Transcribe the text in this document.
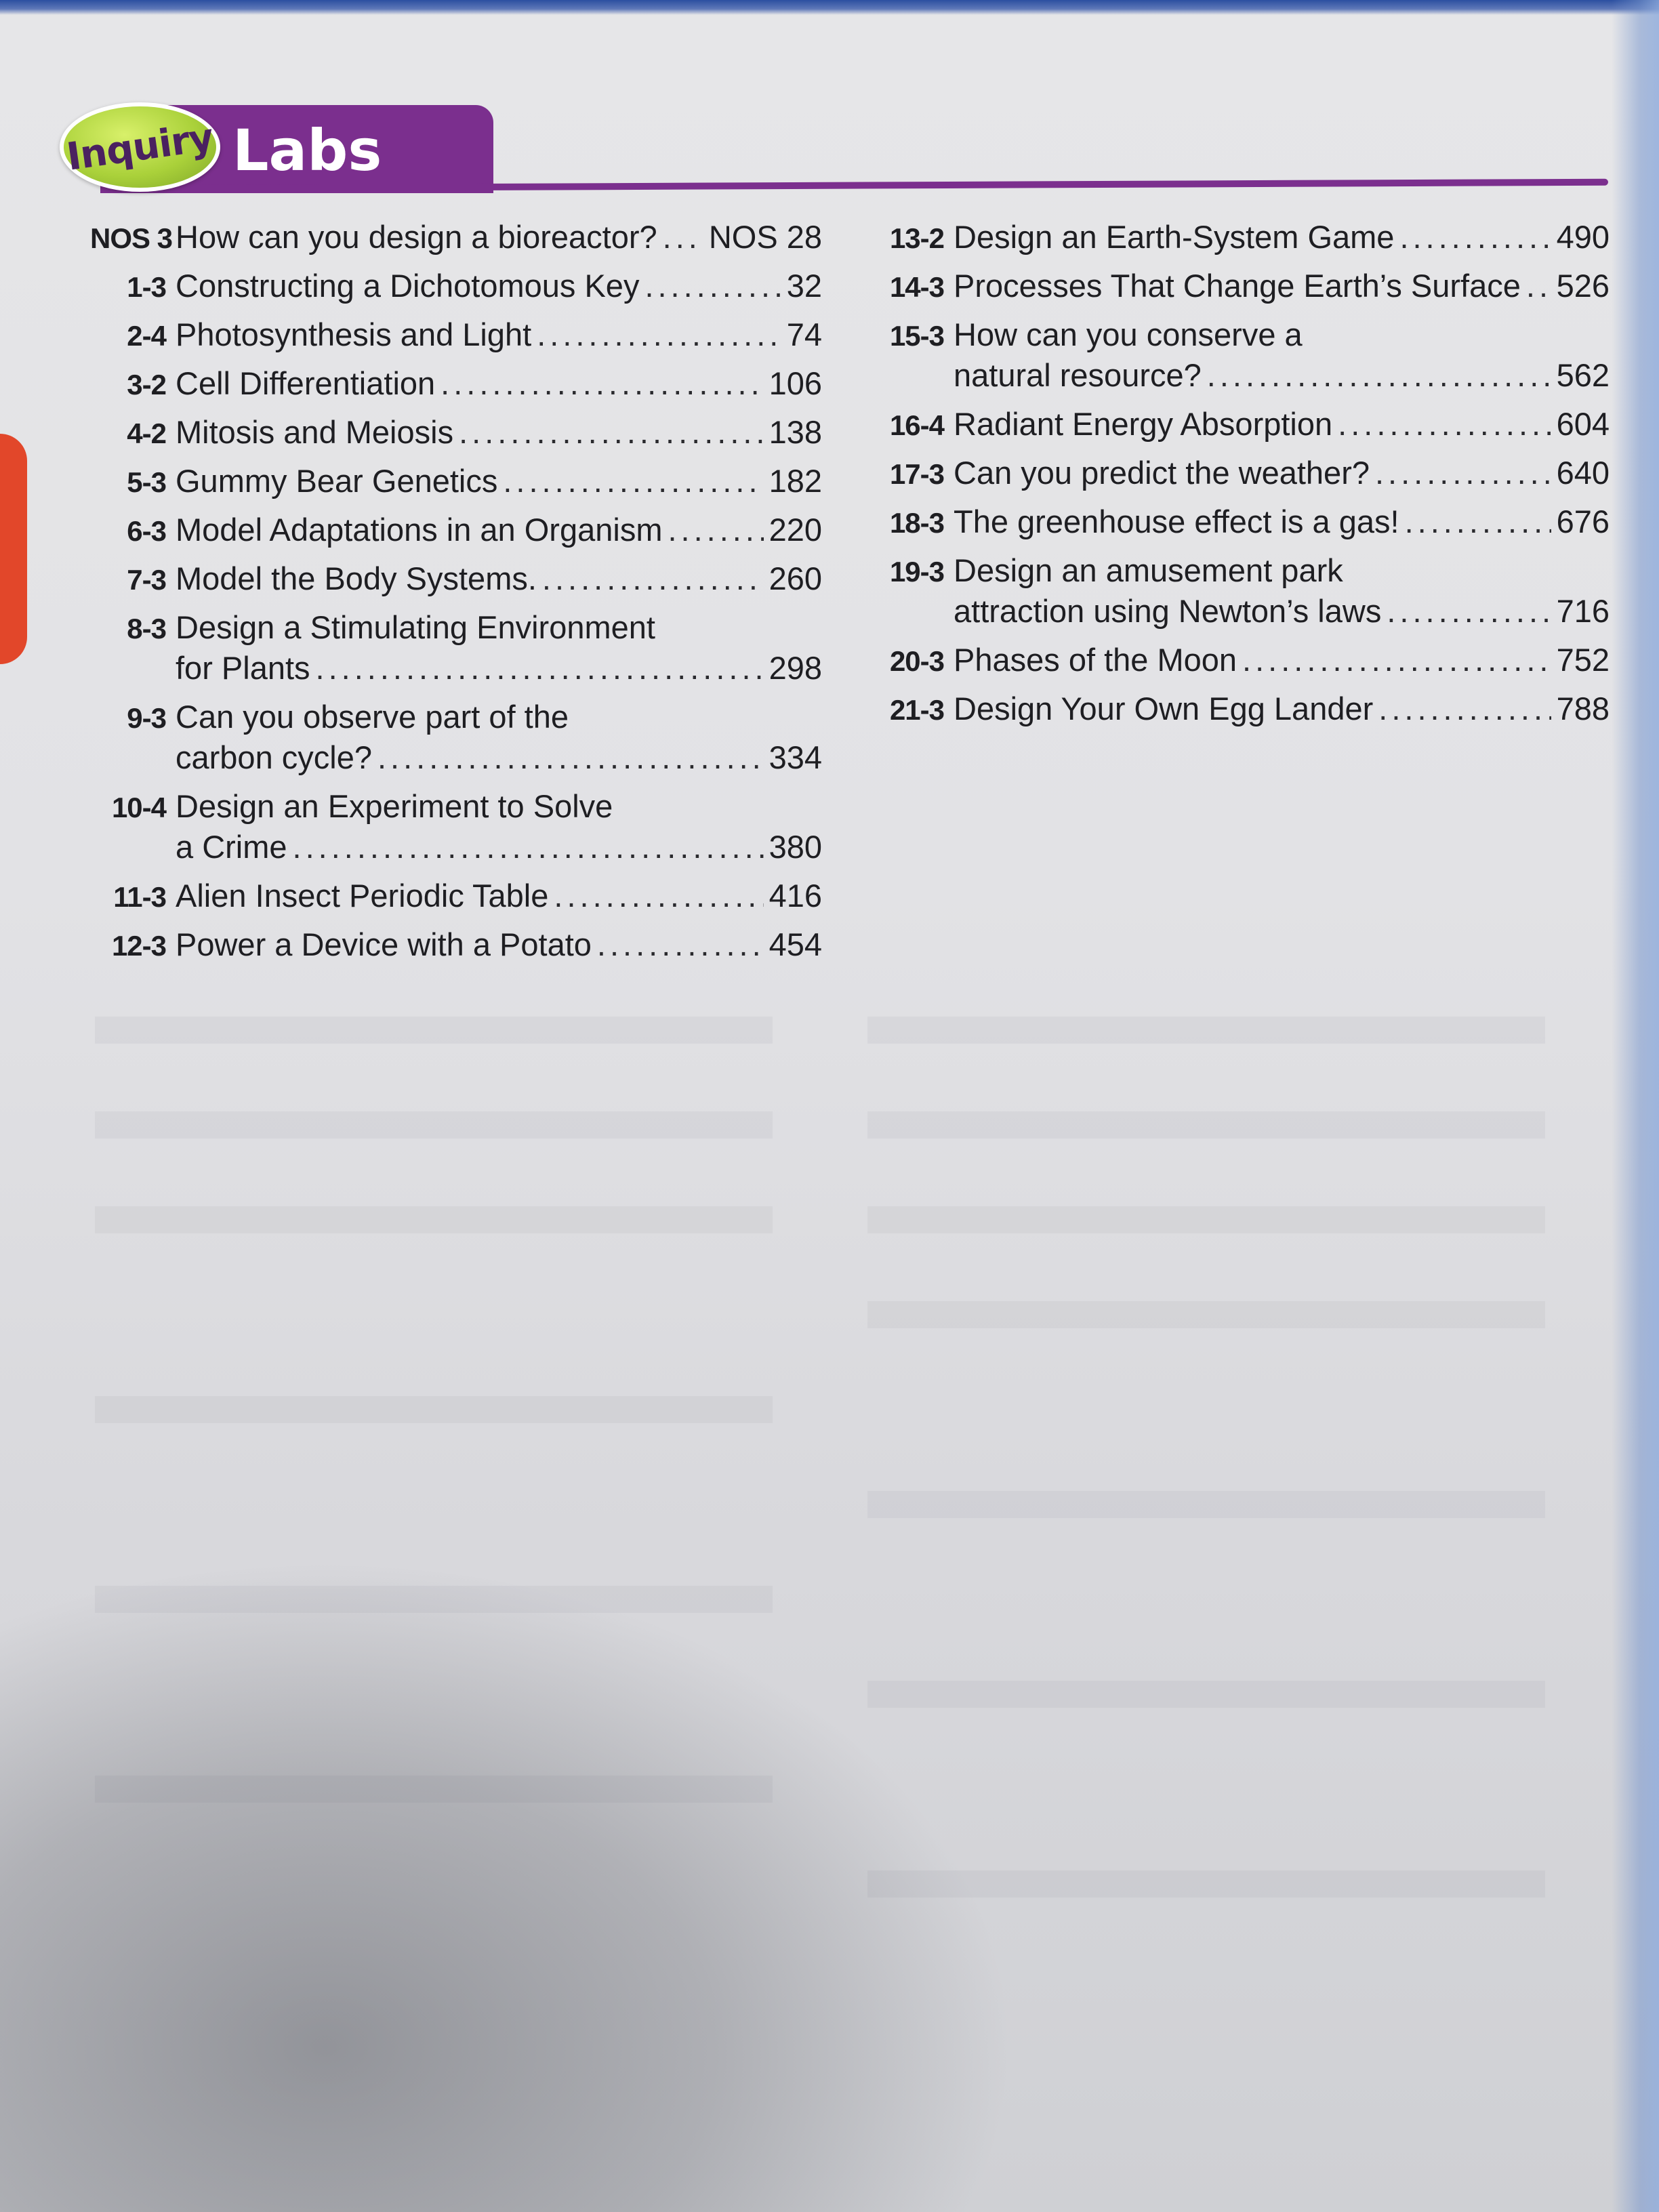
Inquiry Labs
NOS 3 How can you design a bioreactor? ..... NOS 28
1-3 Constructing a Dichotomous Key .....	32
2-4 Photosynthesis and Light .....	74
3-2 Cell Differentiation .....	106
4-2 Mitosis and Meiosis .....	138
5-3 Gummy Bear Genetics .....	182
6-3 Model Adaptations in an Organism .....	220
7-3 Model the Body Systems. .....	260
8-3 Design a Stimulating Environment
for Plants .....	298
9-3 Can you observe part of the
carbon cycle? .....	334
10-4 Design an Experiment to Solve
a Crime .....	380
11-3 Alien Insect Periodic Table .....	416
12-3 Power a Device with a Potato .....	454
13-2 Design an Earth-System Game .....	490
14-3 Processes That Change Earth’s Surface ..... 526
15-3 How can you conserve a
natural resource? .....	562
16-4 Radiant Energy Absorption .....	604
17-3 Can you predict the weather? .....	640
18-3 The greenhouse effect is a gas! .....	676
19-3 Design an amusement park
attraction using Newton’s laws .....	716
20-3 Phases of the Moon .....	752
21-3 Design Your Own Egg Lander .....	788
